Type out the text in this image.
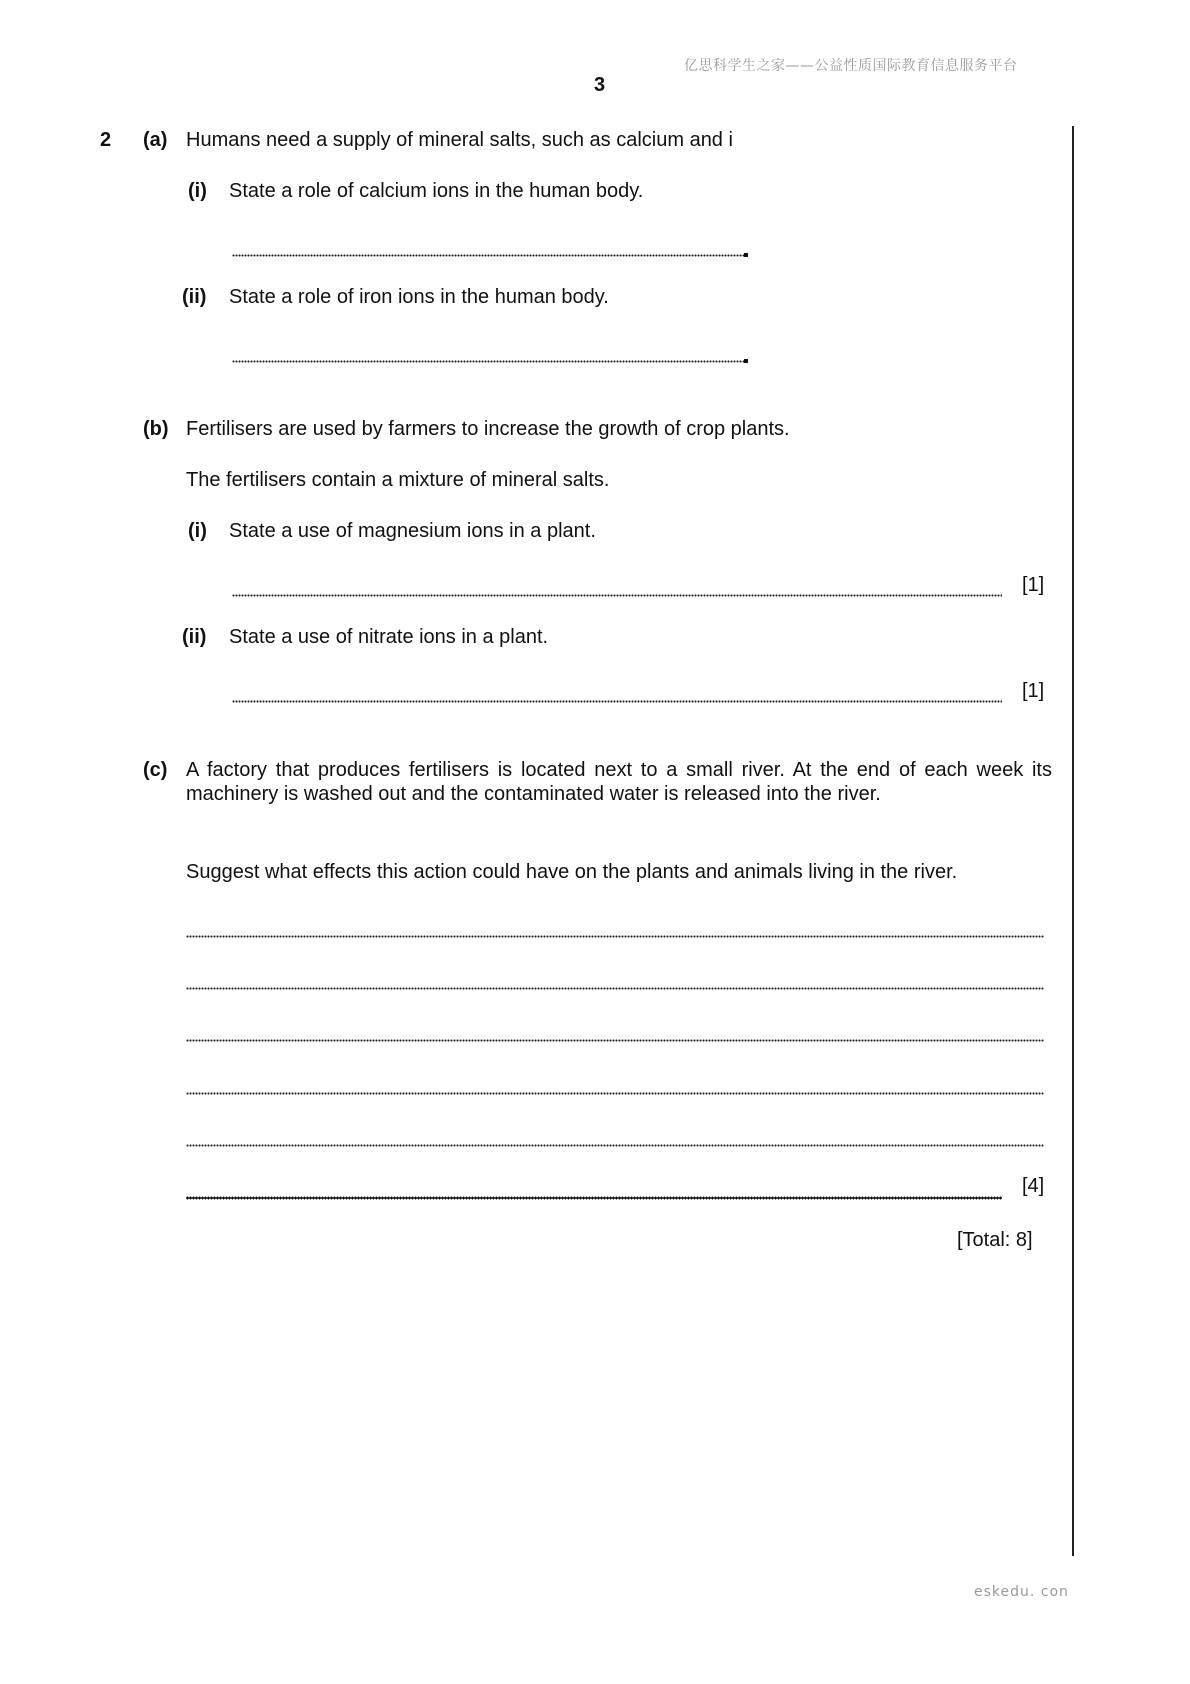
亿思科学生之家——公益性质国际教育信息服务平台
3
2 (a) Humans need a supply of mineral salts, such as calcium and i
(i) State a role of calcium ions in the human body.
(ii) State a role of iron ions in the human body.
(b) Fertilisers are used by farmers to increase the growth of crop plants.
The fertilisers contain a mixture of mineral salts.
(i) State a use of magnesium ions in a plant.
[1]
(ii) State a use of nitrate ions in a plant.
[1]
(c) A factory that produces fertilisers is located next to a small river. At the end of each week its machinery is washed out and the contaminated water is released into the river.
Suggest what effects this action could have on the plants and animals living in the river.
[4]
[Total: 8]
eskedu. con
